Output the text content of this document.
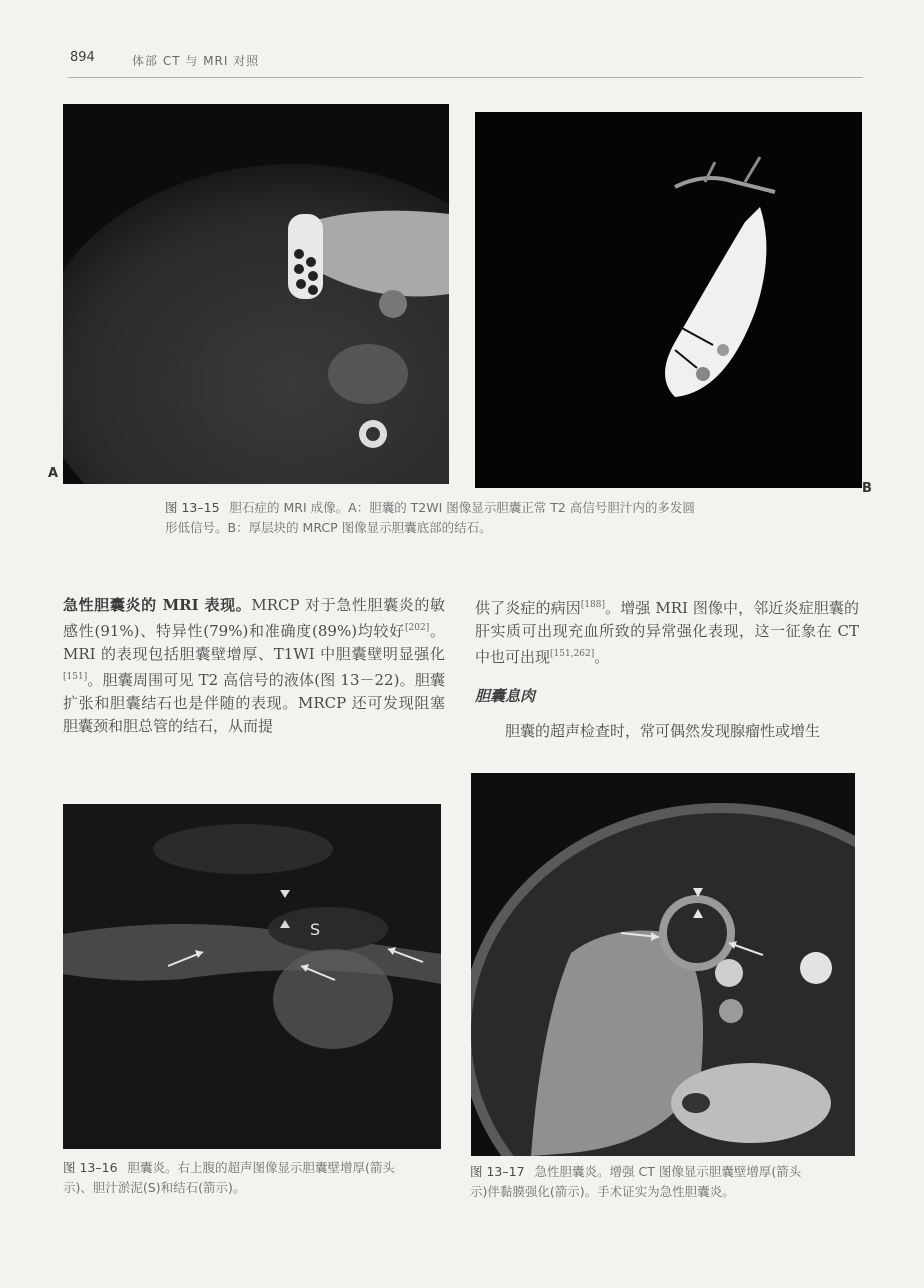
894	体部 CT 与 MRI 对照
A
B
图 13–15 胆石症的 MRI 成像。A：胆囊的 T2WI 图像显示胆囊正常 T2 高信号胆汁内的多发圆
形低信号。B：厚层块的 MRCP 图像显示胆囊底部的结石。
急性胆囊炎的 MRI 表现。MRCP 对于急性胆囊炎的敏感性(91%)、特异性(79%)和准确度(89%)均较好[202]。MRI 的表现包括胆囊壁增厚、T1WI 中胆囊壁明显强化[151]。胆囊周围可见 T2 高信号的液体(图 13－22)。胆囊扩张和胆囊结石也是伴随的表现。MRCP 还可发现阻塞胆囊颈和胆总管的结石，从而提
供了炎症的病因[188]。增强 MRI 图像中，邻近炎症胆囊的肝实质可出现充血所致的异常强化表现，这一征象在 CT 中也可出现[151,262]。
胆囊息肉
胆囊的超声检查时，常可偶然发现腺瘤性或增生
S
图 13–16 胆囊炎。右上腹的超声图像显示胆囊壁增厚(箭头
示)、胆汁淤泥(S)和结石(箭示)。
图 13–17 急性胆囊炎。增强 CT 图像显示胆囊壁增厚(箭头
示)伴黏膜强化(箭示)。手术证实为急性胆囊炎。
